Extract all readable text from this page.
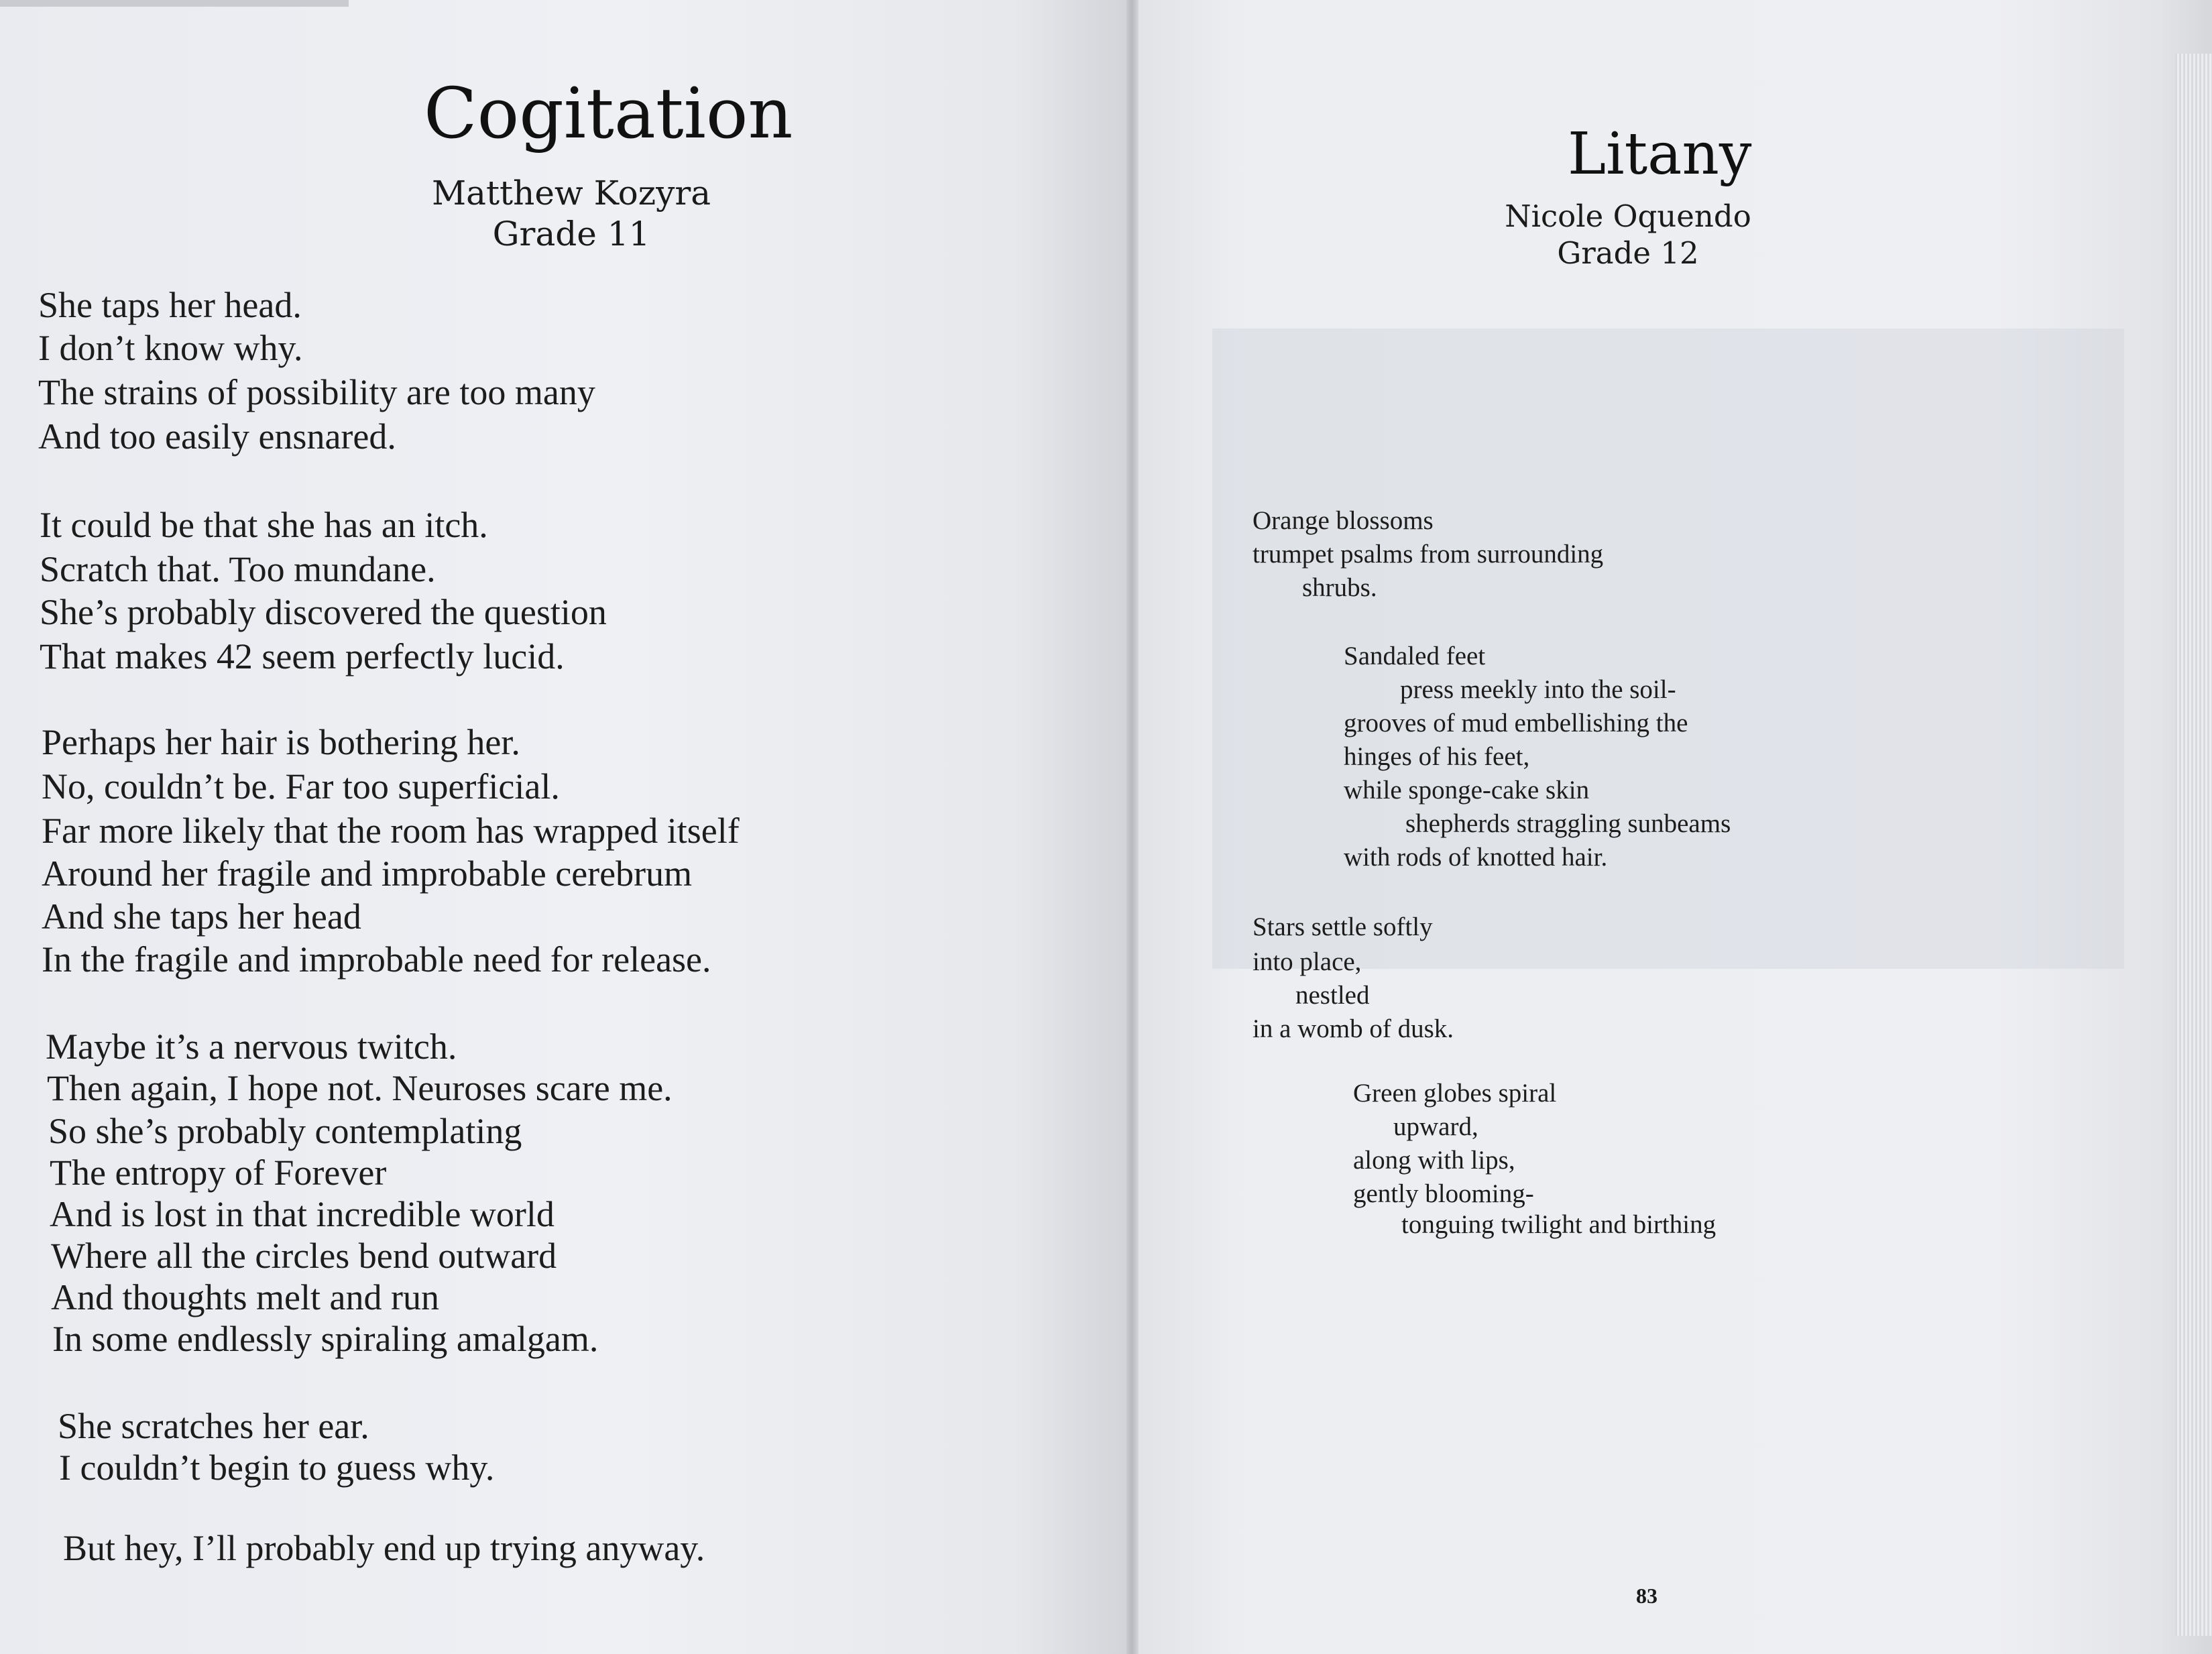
Cogitation
Matthew Kozyra
Grade 11
She taps her head.
I don’t know why.
The strains of possibility are too many
And too easily ensnared.
It could be that she has an itch.
Scratch that. Too mundane.
She’s probably discovered the question
That makes 42 seem perfectly lucid.
Perhaps her hair is bothering her.
No, couldn’t be. Far too superficial.
Far more likely that the room has wrapped itself
Around her fragile and improbable cerebrum
And she taps her head
In the fragile and improbable need for release.
Maybe it’s a nervous twitch.
Then again, I hope not. Neuroses scare me.
So she’s probably contemplating
The entropy of Forever
And is lost in that incredible world
Where all the circles bend outward
And thoughts melt and run
In some endlessly spiraling amalgam.
She scratches her ear.
I couldn’t begin to guess why.
But hey, I’ll probably end up trying anyway.
Litany
Nicole Oquendo
Grade 12
Orange blossoms
trumpet psalms from surrounding
shrubs.
Sandaled feet
press meekly into the soil-
grooves of mud embellishing the
hinges of his feet,
while sponge-cake skin
shepherds straggling sunbeams
with rods of knotted hair.
Stars settle softly
into place,
nestled
in a womb of dusk.
Green globes spiral
upward,
along with lips,
gently blooming-
tonguing twilight and birthing
83
